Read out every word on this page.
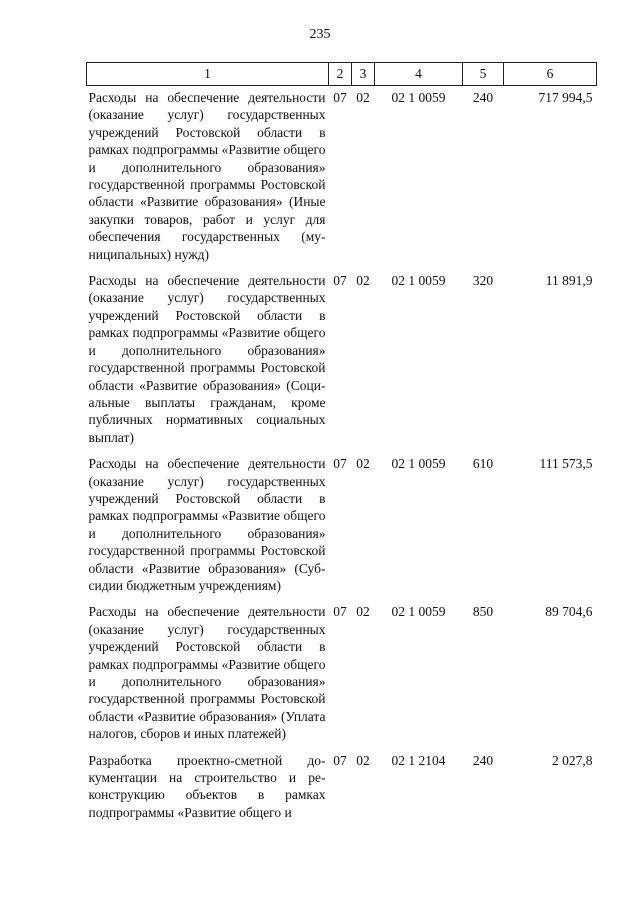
235
1	2	3	4	5	6
Расходы на обеспечение деятельности (оказание услуг) государственных учреждений Ростовской области в рамках подпрограммы «Развитие общего и дополнительного образования» государственной программы Ростовской области «Развитие образования» (Иные закупки товаров, работ и услуг для обеспечения государственных (муниципальных) нужд)	07	02	02 1 0059	240	717 994,5
Расходы на обеспечение деятельности (оказание услуг) государственных учреждений Ростовской области в рамках подпрограммы «Развитие общего и дополнительного образования» государственной программы Ростовской области «Развитие образования» (Социальные выплаты гражданам, кроме публичных нормативных социальных выплат)	07	02	02 1 0059	320	11 891,9
Расходы на обеспечение деятельности (оказание услуг) государственных учреждений Ростовской области в рамках подпрограммы «Развитие общего и дополнительного образования» государственной программы Ростовской области «Развитие образования» (Субсидии бюджетным учреждениям)	07	02	02 1 0059	610	111 573,5
Расходы на обеспечение деятельности (оказание услуг) государственных учреждений Ростовской области в рамках подпрограммы «Развитие общего и дополнительного образования» государственной программы Ростовской области «Развитие образования» (Уплата налогов, сборов и иных платежей)	07	02	02 1 0059	850	89 704,6
Разработка проектно-сметной документации на строительство и реконструкцию объектов в рамках подпрограммы «Развитие общего и	07	02	02 1 2104	240	2 027,8
